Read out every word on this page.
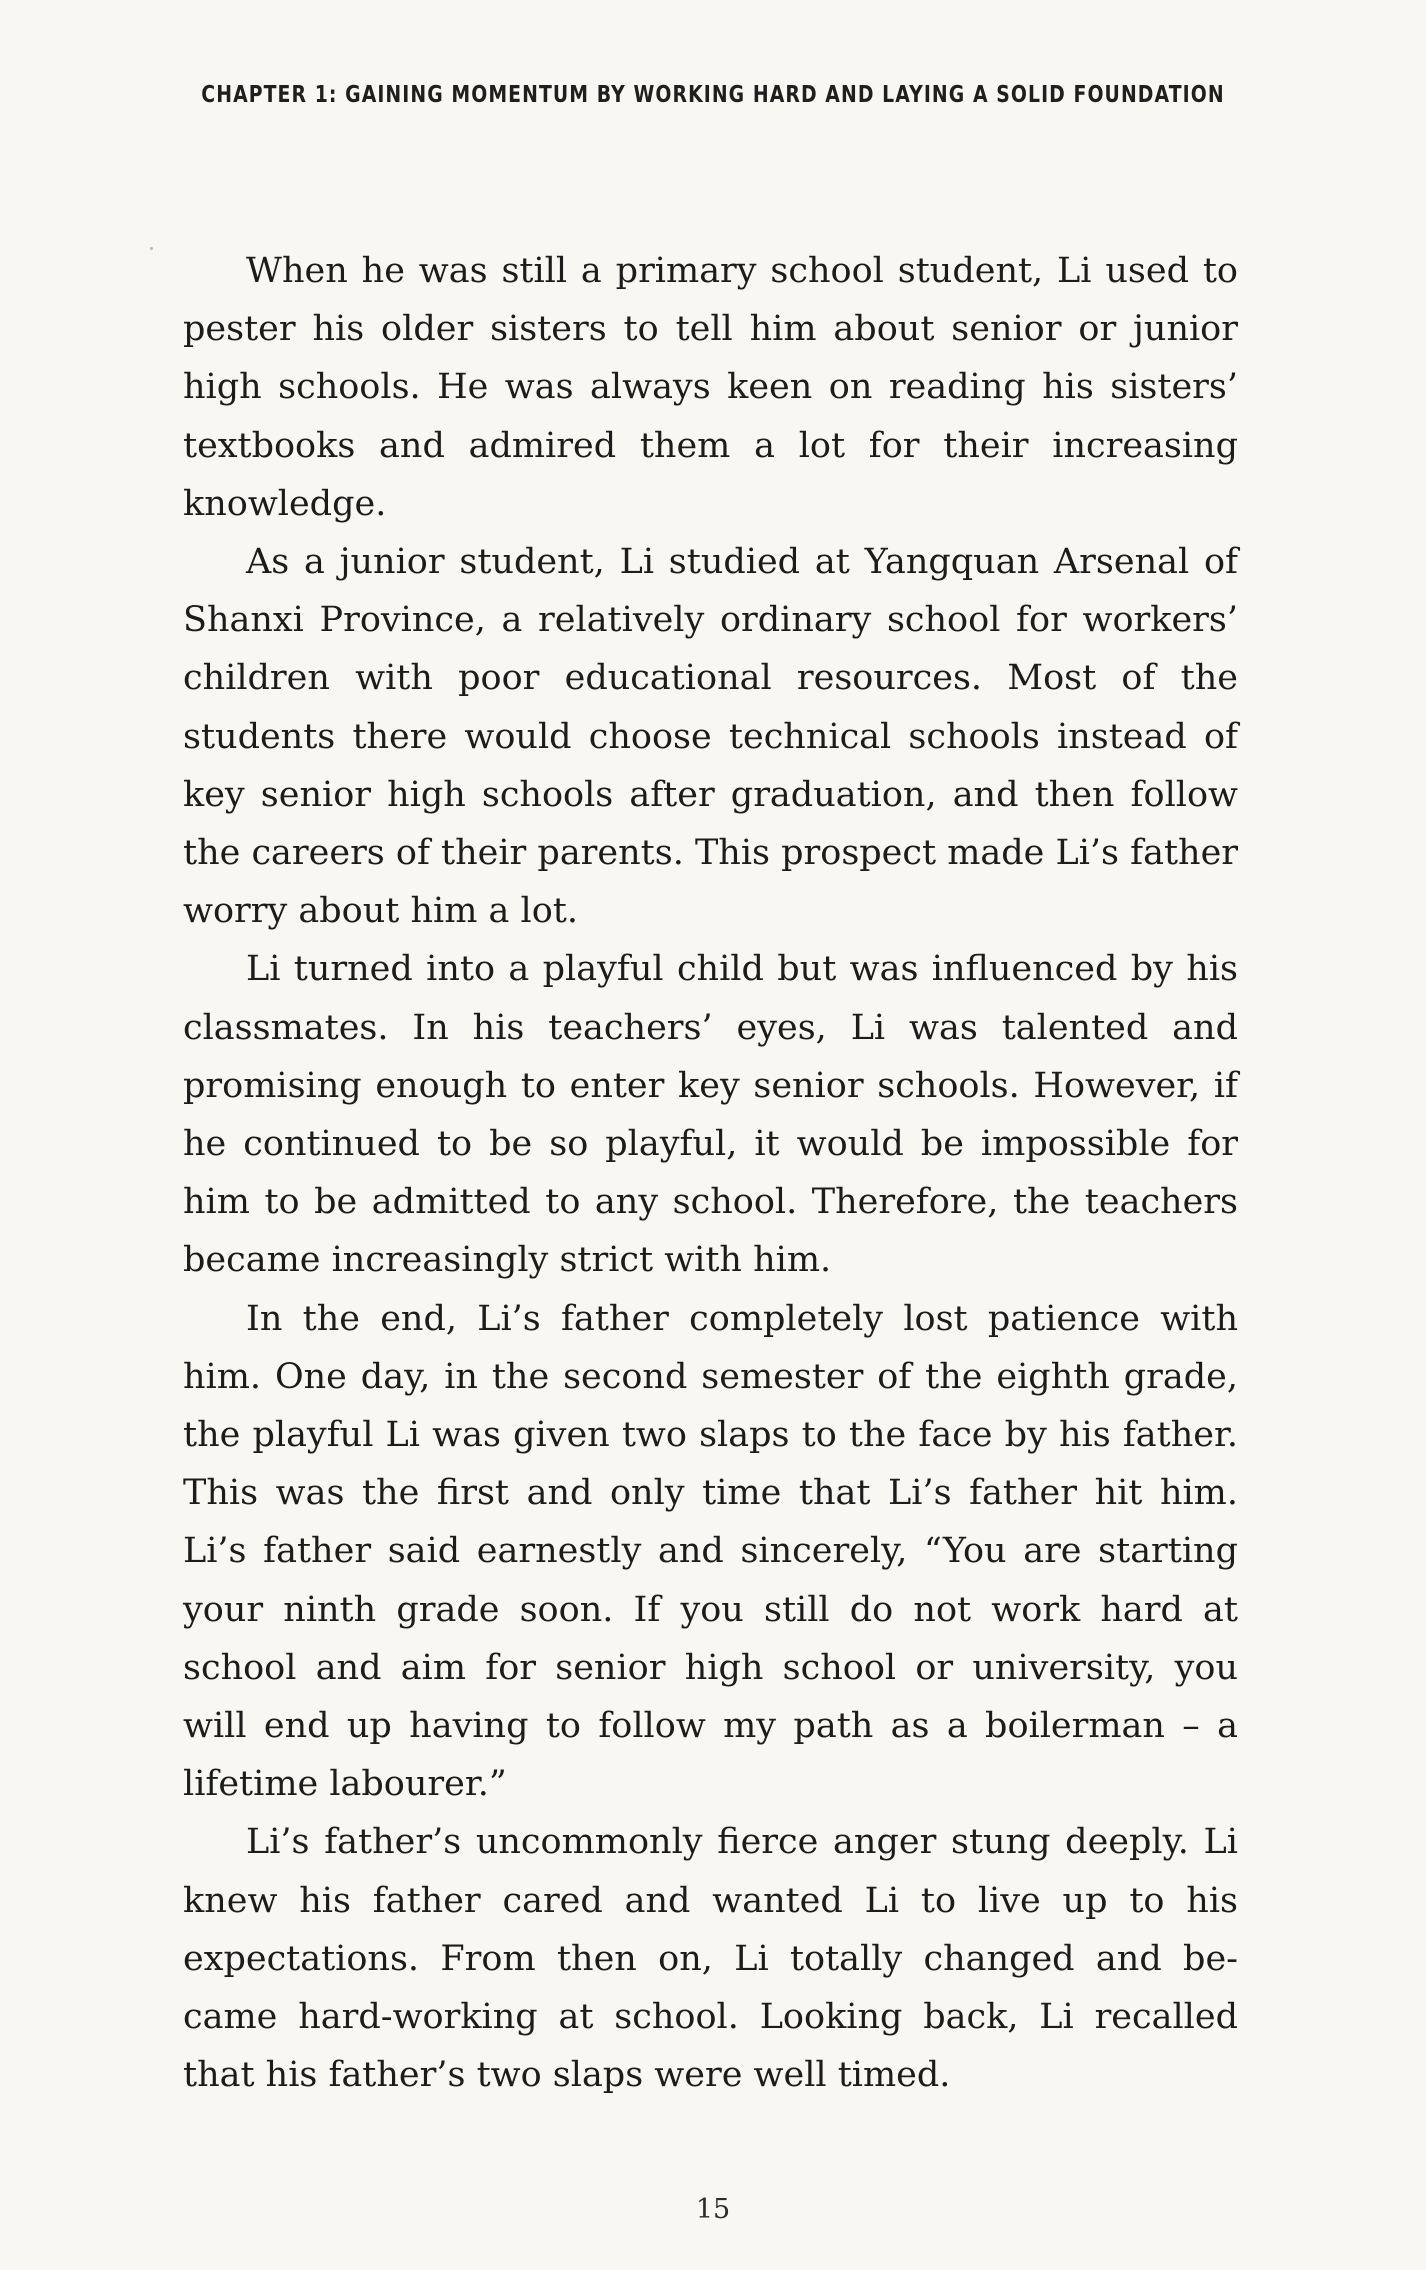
CHAPTER 1: GAINING MOMENTUM BY WORKING HARD AND LAYING A SOLID FOUNDATION

When he was still a primary school student, Li used to pester his older sisters to tell him about senior or junior high schools. He was always keen on reading his sisters’ textbooks and admired them a lot for their increasing knowledge.

As a junior student, Li studied at Yangquan Arsenal of Shanxi Province, a relatively ordinary school for workers’ children with poor educational resources. Most of the students there would choose technical schools instead of key senior high schools after graduation, and then follow the careers of their parents. This prospect made Li’s father worry about him a lot.

Li turned into a playful child but was influenced by his classmates. In his teachers’ eyes, Li was talented and promising enough to enter key senior schools. However, if he continued to be so playful, it would be impossible for him to be admitted to any school. Therefore, the teachers became increasingly strict with him.

In the end, Li’s father completely lost patience with him. One day, in the second semester of the eighth grade, the playful Li was given two slaps to the face by his father. This was the first and only time that Li’s father hit him. Li’s father said earnestly and sincerely, “You are starting your ninth grade soon. If you still do not work hard at school and aim for senior high school or university, you will end up having to follow my path as a boilerman – a lifetime labourer.”

Li’s father’s uncommonly fierce anger stung deeply. Li knew his father cared and wanted Li to live up to his expectations. From then on, Li totally changed and became hard-working at school. Looking back, Li recalled that his father’s two slaps were well timed.

15
